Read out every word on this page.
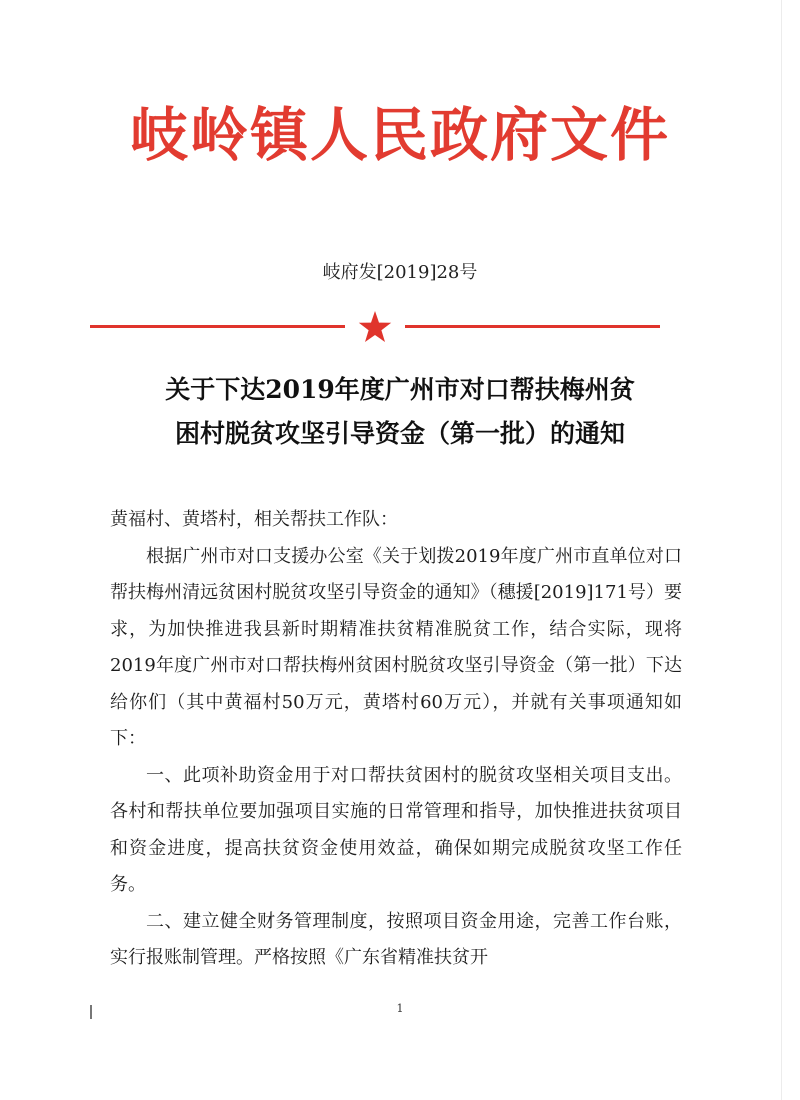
岐岭镇人民政府文件
岐府发[2019]28号
关于下达2019年度广州市对口帮扶梅州贫
困村脱贫攻坚引导资金（第一批）的通知

黄福村、黄塔村，相关帮扶工作队：

根据广州市对口支援办公室《关于划拨2019年度广州市直单位对口帮扶梅州清远贫困村脱贫攻坚引导资金的通知》（穗援[2019]171号）要求，为加快推进我县新时期精准扶贫精准脱贫工作，结合实际，现将2019年度广州市对口帮扶梅州贫困村脱贫攻坚引导资金（第一批）下达给你们（其中黄福村50万元，黄塔村60万元），并就有关事项通知如下：

一、此项补助资金用于对口帮扶贫困村的脱贫攻坚相关项目支出。各村和帮扶单位要加强项目实施的日常管理和指导，加快推进扶贫项目和资金进度，提高扶贫资金使用效益，确保如期完成脱贫攻坚工作任务。

二、建立健全财务管理制度，按照项目资金用途，完善工作台账，实行报账制管理。严格按照《广东省精准扶贫开

1
